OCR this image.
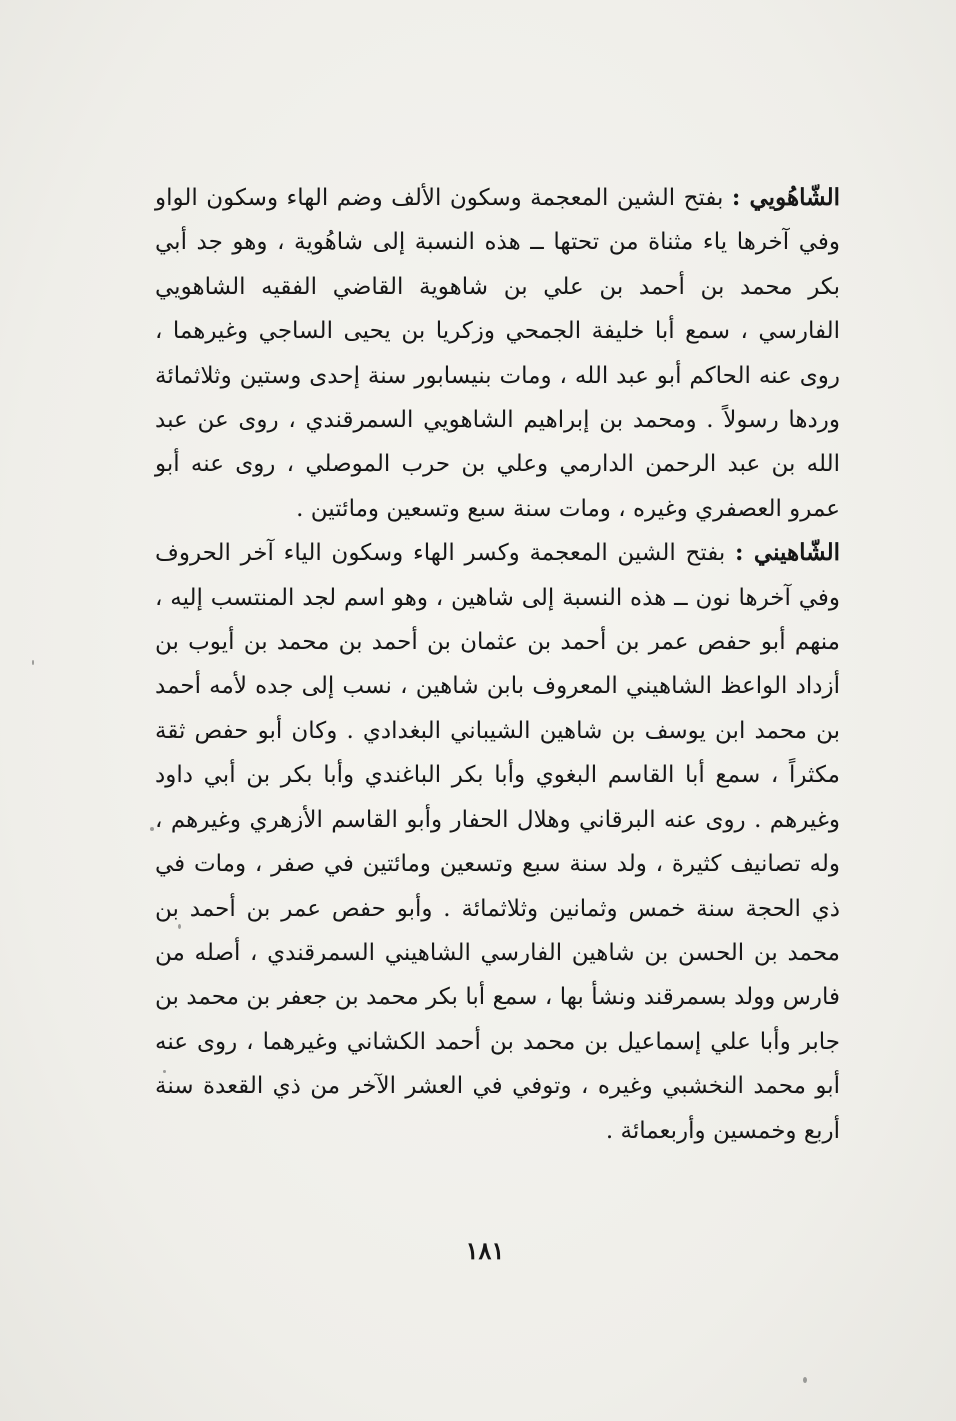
الشّاهُويي : بفتح الشين المعجمة وسكون الألف وضم الهاء وسكون الواو وفي آخرها ياء مثناة من تحتها ــ هذه النسبة إلى شاهُوية ، وهو جد أبي بكر محمد بن أحمد بن علي بن شاهوية القاضي الفقيه الشاهويي الفارسي ، سمع أبا خليفة الجمحي وزكريا بن يحيى الساجي وغيرهما ، روى عنه الحاكم أبو عبد الله ، ومات بنيسابور سنة إحدى وستين وثلاثمائة وردها رسولاً . ومحمد بن إبراهيم الشاهويي السمرقندي ، روى عن عبد الله بن عبد الرحمن الدارمي وعلي بن حرب الموصلي ، روى عنه أبو عمرو العصفري وغيره ، ومات سنة سبع وتسعين ومائتين .

الشّاهيني : بفتح الشين المعجمة وكسر الهاء وسكون الياء آخر الحروف وفي آخرها نون ــ هذه النسبة إلى شاهين ، وهو اسم لجد المنتسب إليه ، منهم أبو حفص عمر بن أحمد بن عثمان بن أحمد بن محمد بن أيوب بن أزداد الواعظ الشاهيني المعروف بابن شاهين ، نسب إلى جده لأمه أحمد بن محمد ابن يوسف بن شاهين الشيباني البغدادي . وكان أبو حفص ثقة مكثراً ، سمع أبا القاسم البغوي وأبا بكر الباغندي وأبا بكر بن أبي داود وغيرهم . روى عنه البرقاني وهلال الحفار وأبو القاسم الأزهري وغيرهم ، وله تصانيف كثيرة ، ولد سنة سبع وتسعين ومائتين في صفر ، ومات في ذي الحجة سنة خمس وثمانين وثلاثمائة . وأبو حفص عمر بن أحمد بن محمد بن الحسن بن شاهين الفارسي الشاهيني السمرقندي ، أصله من فارس وولد بسمرقند ونشأ بها ، سمع أبا بكر محمد بن جعفر بن محمد بن جابر وأبا علي إسماعيل بن محمد بن أحمد الكشاني وغيرهما ، روى عنه أبو محمد النخشبي وغيره ، وتوفي في العشر الآخر من ذي القعدة سنة أربع وخمسين وأربعمائة .

١٨١
